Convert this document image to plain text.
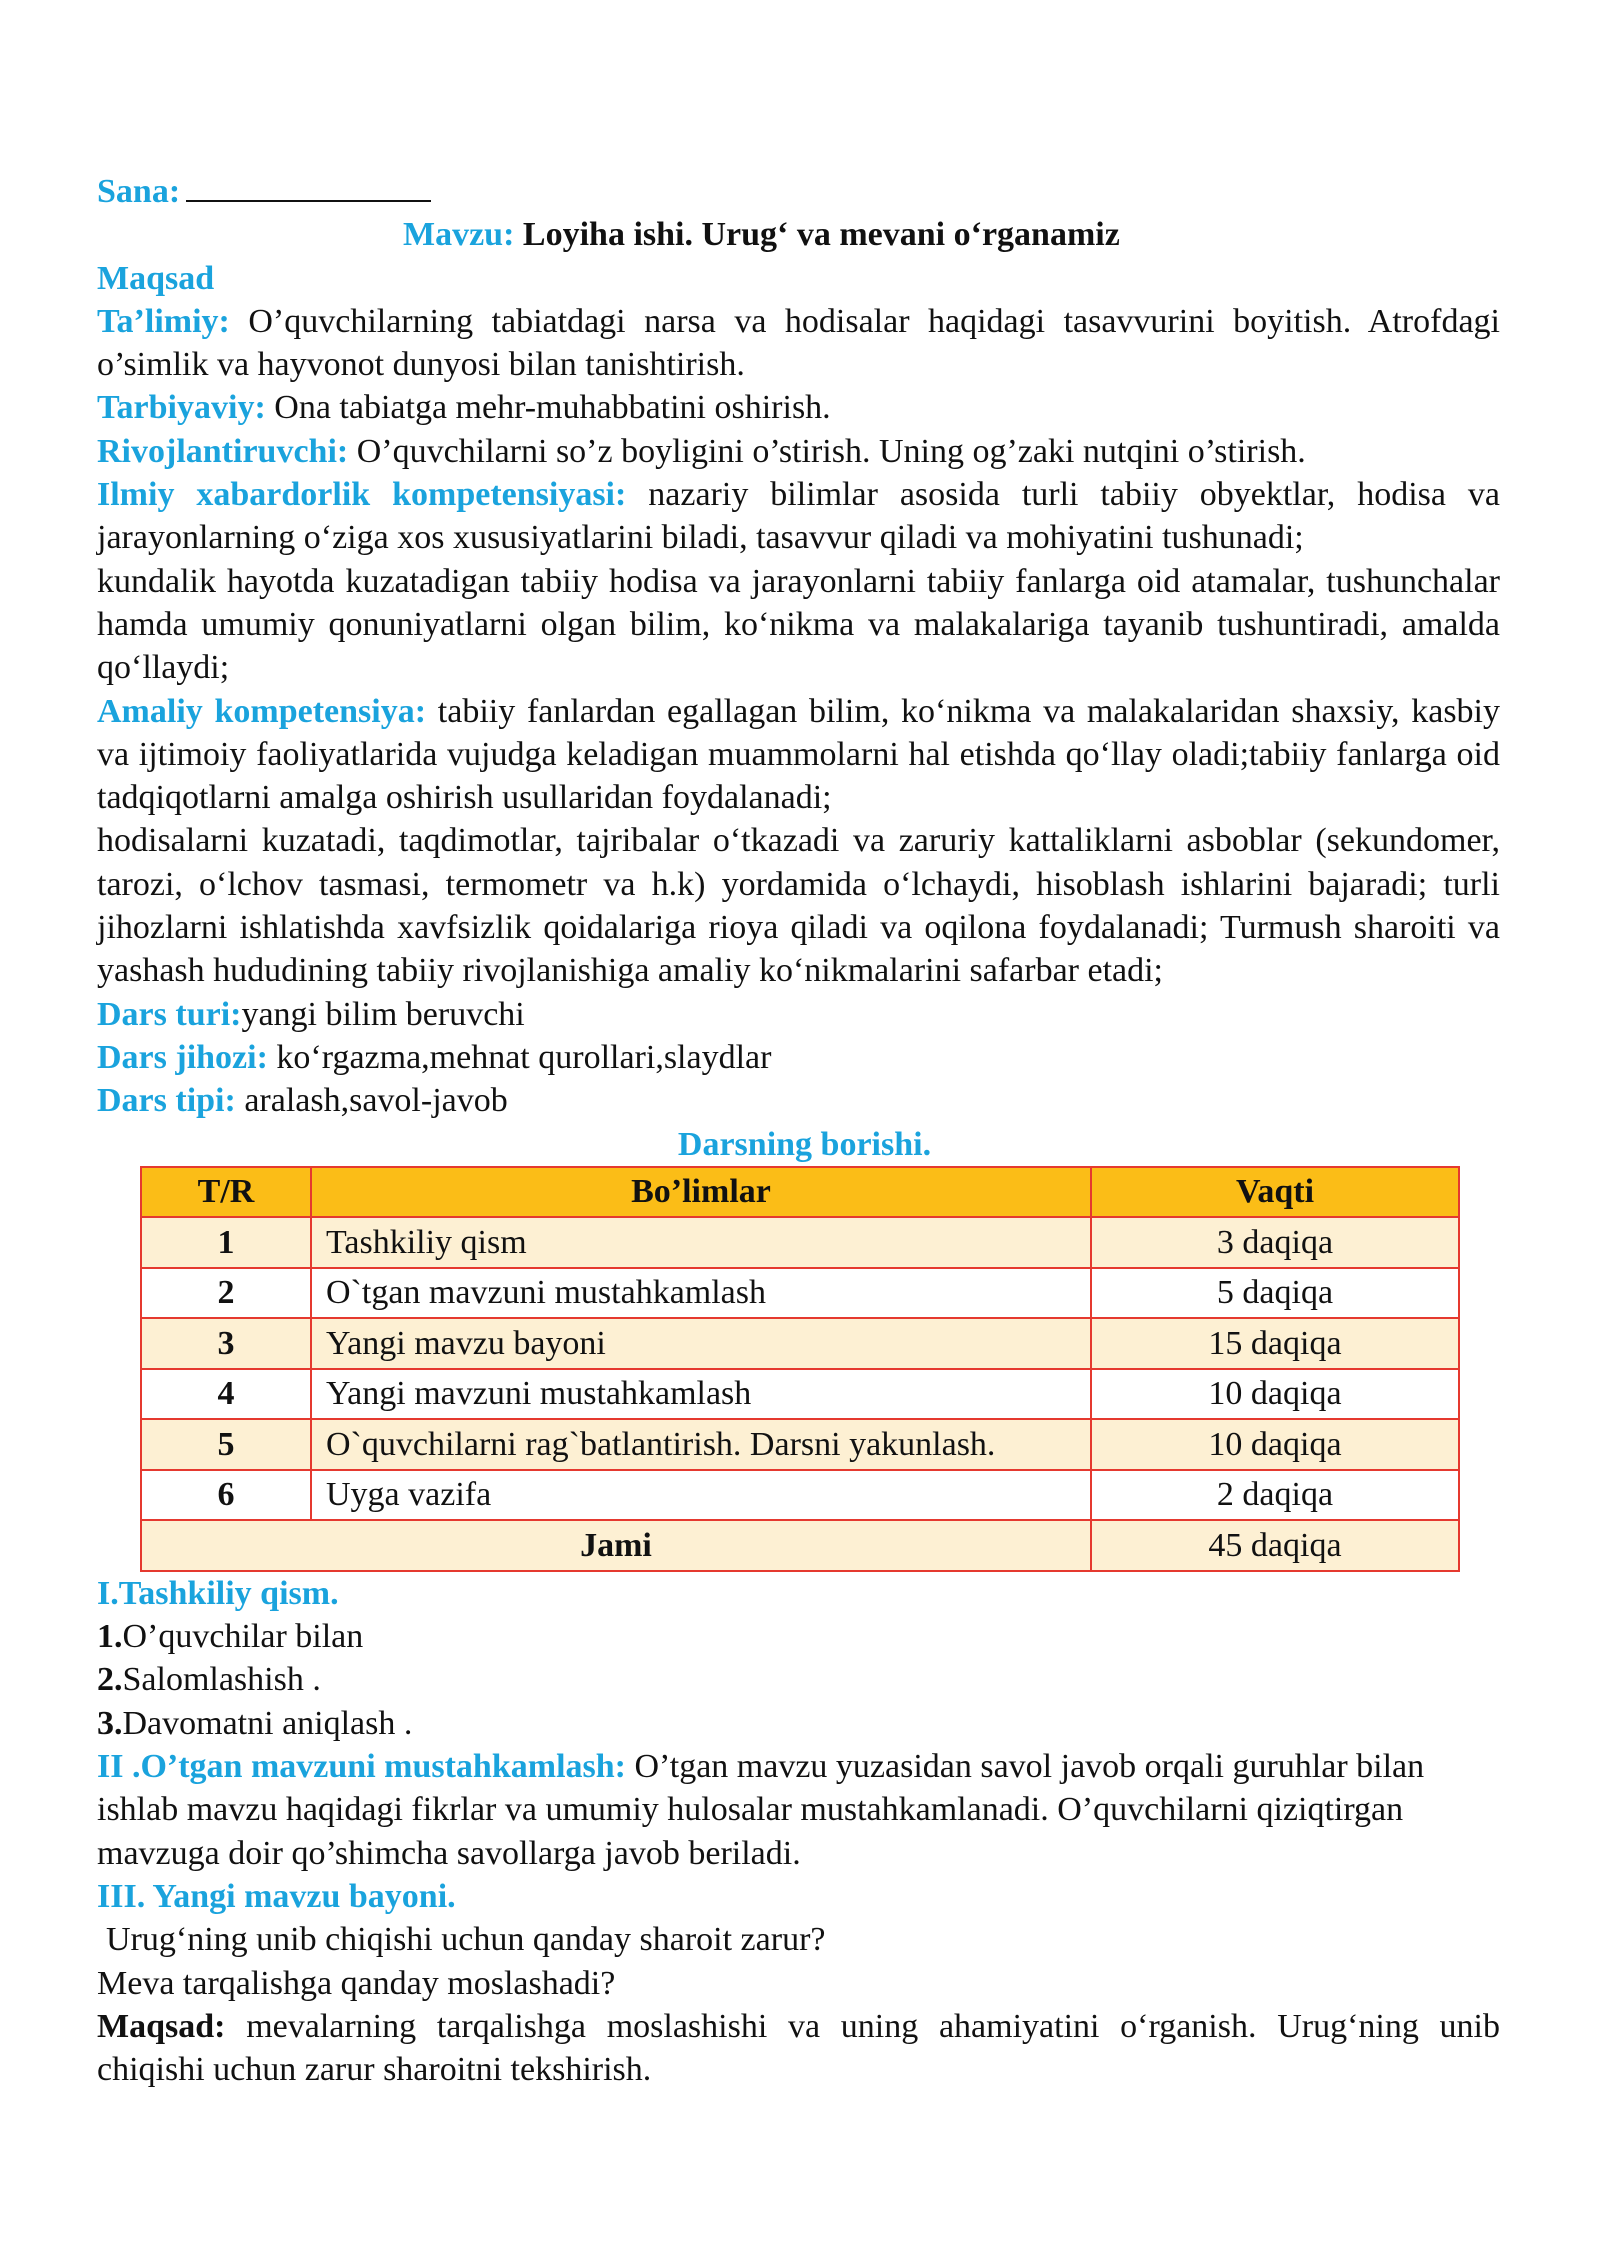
Sana:

Mavzu: Loyiha ishi. Urug‘ va mevani o‘rganamiz

Maqsad

Ta’limiy: O’quvchilarning tabiatdagi narsa va hodisalar haqidagi tasavvurini boyitish. Atrofdagi o’simlik va hayvonot dunyosi bilan tanishtirish.

Tarbiyaviy: Ona tabiatga mehr-muhabbatini oshirish.

Rivojlantiruvchi: O’quvchilarni so’z boyligini o’stirish. Uning og’zaki nutqini o’stirish.

Ilmiy xabardorlik kompetensiyasi: nazariy bilimlar asosida turli tabiiy obyektlar, hodisa va jarayonlarning o‘ziga xos xususiyatlarini biladi, tasavvur qiladi va mohiyatini tushunadi;

kundalik hayotda kuzatadigan tabiiy hodisa va jarayonlarni tabiiy fanlarga oid atamalar, tushunchalar hamda umumiy qonuniyatlarni olgan bilim, ko‘nikma va malakalariga tayanib tushuntiradi, amalda qo‘llaydi;

Amaliy kompetensiya: tabiiy fanlardan egallagan bilim, ko‘nikma va malakalaridan shaxsiy, kasbiy va ijtimoiy faoliyatlarida vujudga keladigan muammolarni hal etishda qo‘llay oladi;tabiiy fanlarga oid tadqiqotlarni amalga oshirish usullaridan foydalanadi;

hodisalarni kuzatadi, taqdimotlar, tajribalar o‘tkazadi va zaruriy kattaliklarni asboblar (sekundomer, tarozi, o‘lchov tasmasi, termometr va h.k) yordamida o‘lchaydi, hisoblash ishlarini bajaradi; turli jihozlarni ishlatishda xavfsizlik qoidalariga rioya qiladi va oqilona foydalanadi; Turmush sharoiti va yashash hududining tabiiy rivojlanishiga amaliy ko‘nikmalarini safarbar etadi;

Dars turi:yangi bilim beruvchi

Dars jihozi: ko‘rgazma,mehnat qurollari,slaydlar

Dars tipi: aralash,savol-javob

Darsning borishi.

T/R	Bo’limlar	Vaqti
1	Tashkiliy qism	3 daqiqa
2	O`tgan mavzuni mustahkamlash	5 daqiqa
3	Yangi mavzu bayoni	15 daqiqa
4	Yangi mavzuni mustahkamlash	10 daqiqa
5	O`quvchilarni rag`batlantirish. Darsni yakunlash.	10 daqiqa
6	Uyga vazifa	2 daqiqa
Jami		45 daqiqa

I.Tashkiliy qism.

1.O’quvchilar bilan

2.Salomlashish .

3.Davomatni aniqlash .

II .O’tgan mavzuni mustahkamlash: O’tgan mavzu yuzasidan savol javob orqali guruhlar bilan ishlab mavzu haqidagi fikrlar va umumiy hulosalar mustahkamlanadi. O’quvchilarni qiziqtirgan mavzuga doir qo’shimcha savollarga javob beriladi.

III. Yangi mavzu bayoni.

Urug‘ning unib chiqishi uchun qanday sharoit zarur?

Meva tarqalishga qanday moslashadi?

Maqsad: mevalarning tarqalishga moslashishi va uning ahamiyatini o‘rganish. Urug‘ning unib chiqishi uchun zarur sharoitni tekshirish.
